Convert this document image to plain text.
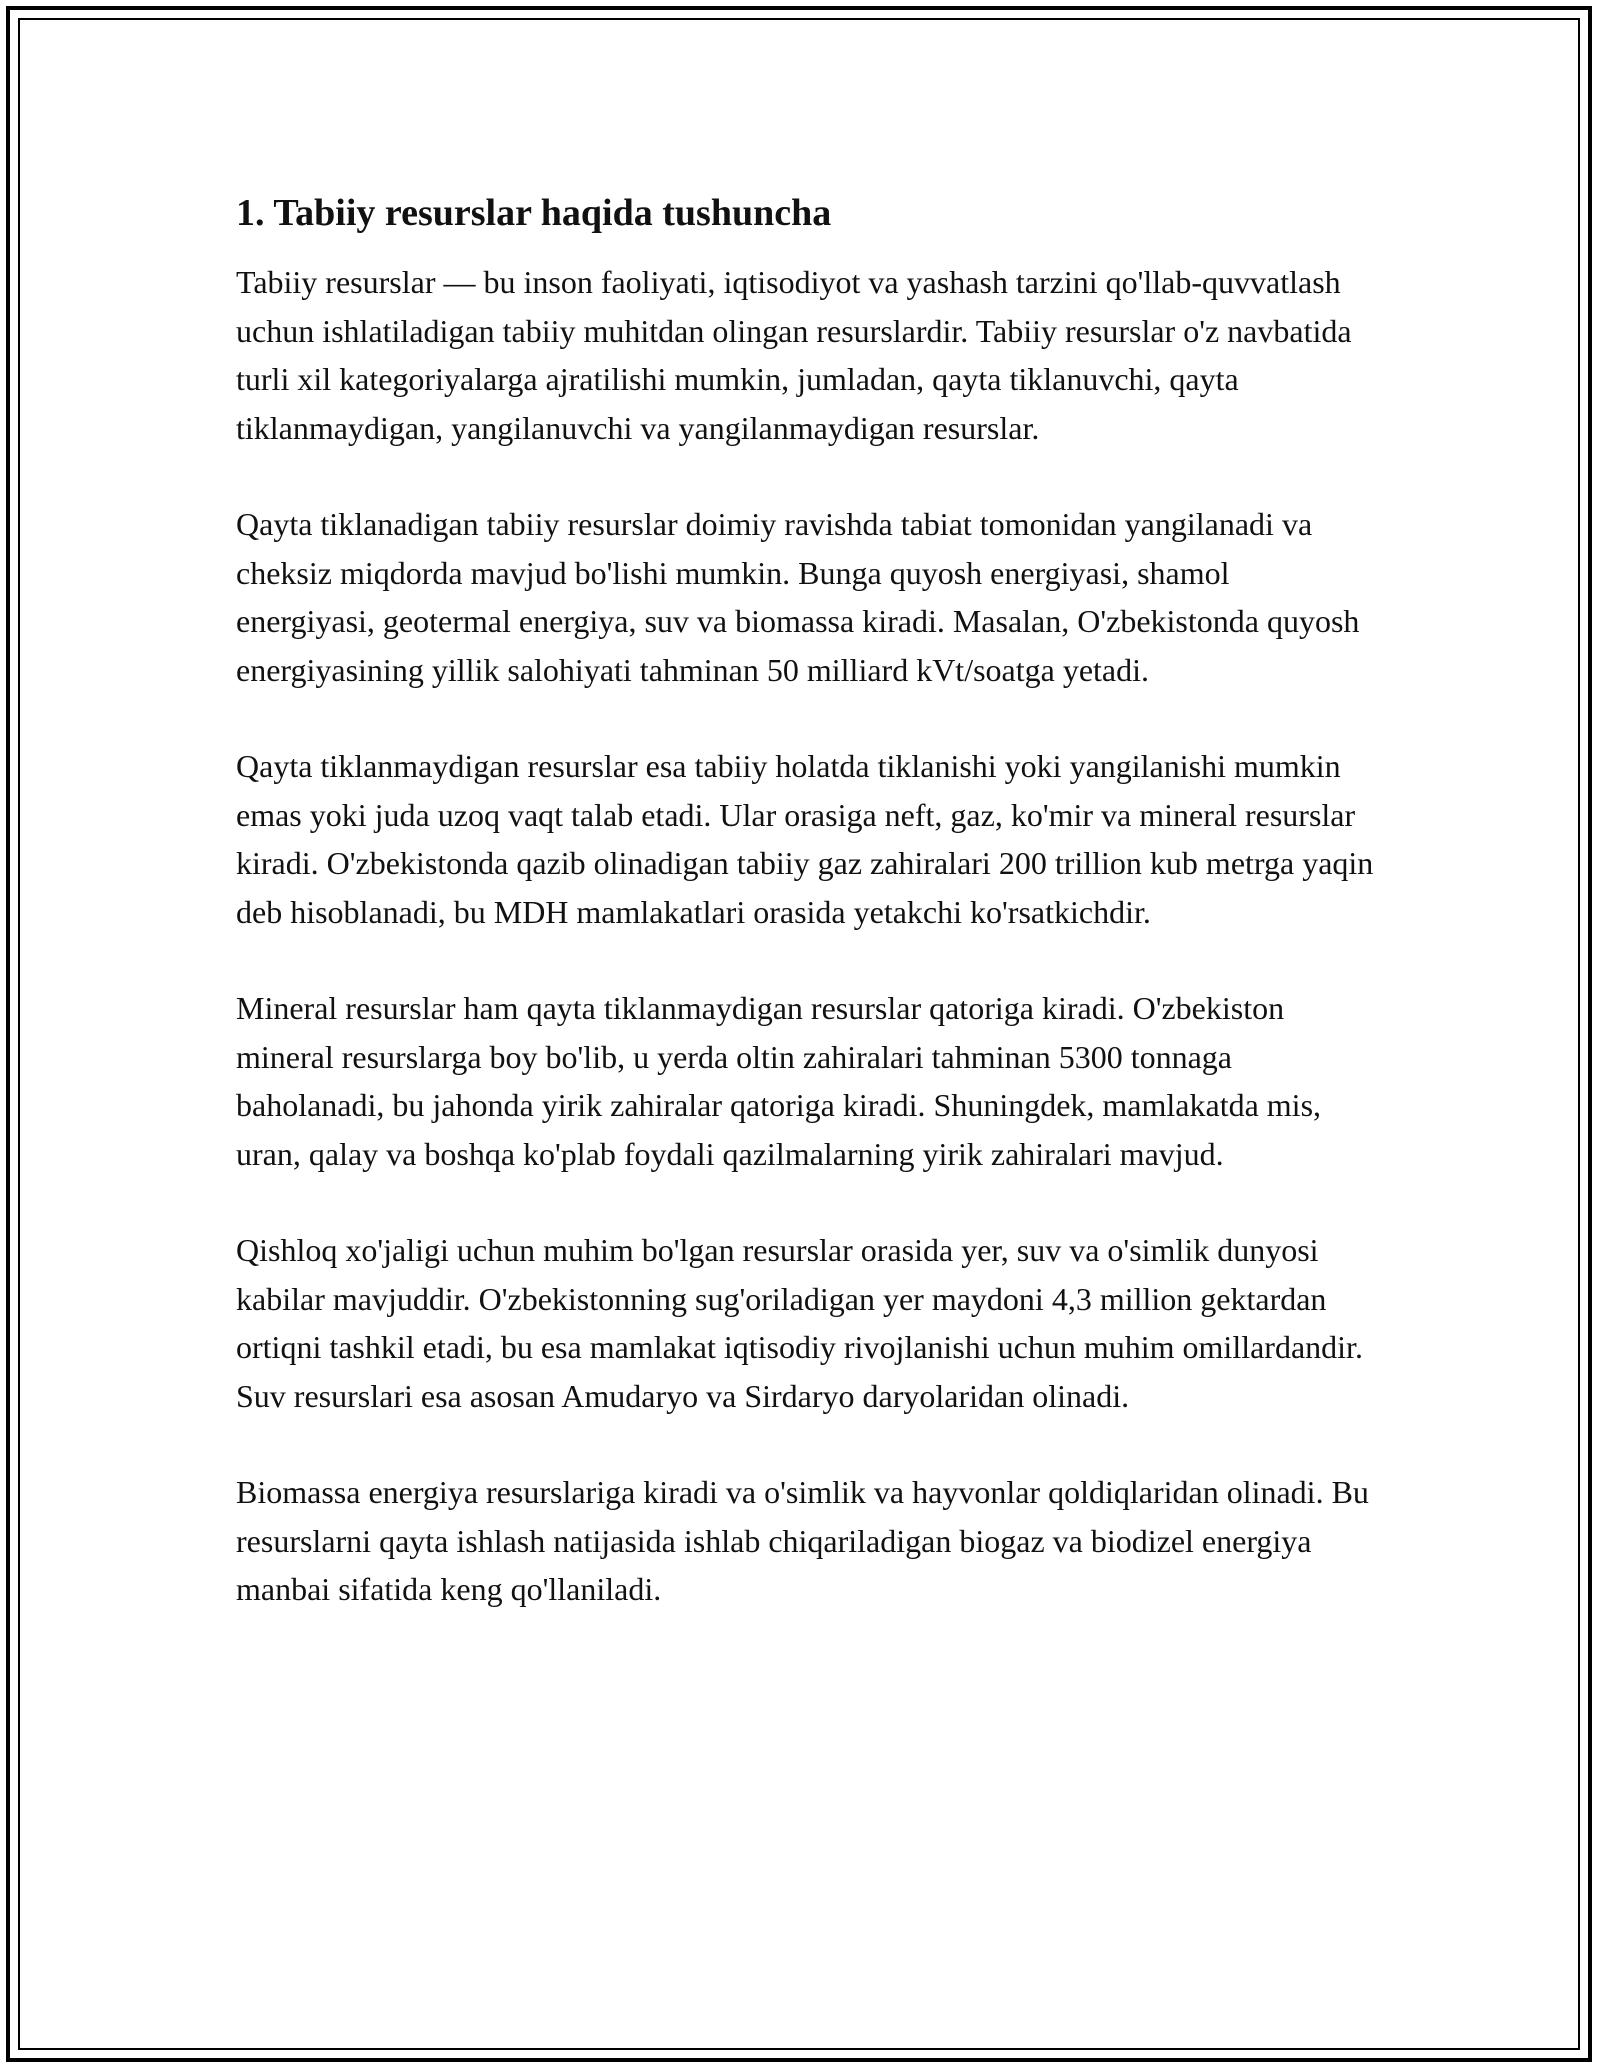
1. Tabiiy resurslar haqida tushuncha

Tabiiy resurslar — bu inson faoliyati, iqtisodiyot va yashash tarzini qo'llab-quvvatlash uchun ishlatiladigan tabiiy muhitdan olingan resurslardir. Tabiiy resurslar o'z navbatida turli xil kategoriyalarga ajratilishi mumkin, jumladan, qayta tiklanuvchi, qayta tiklanmaydigan, yangilanuvchi va yangilanmaydigan resurslar.

Qayta tiklanadigan tabiiy resurslar doimiy ravishda tabiat tomonidan yangilanadi va cheksiz miqdorda mavjud bo'lishi mumkin. Bunga quyosh energiyasi, shamol energiyasi, geotermal energiya, suv va biomassa kiradi. Masalan, O'zbekistonda quyosh energiyasining yillik salohiyati tahminan 50 milliard kVt/soatga yetadi.

Qayta tiklanmaydigan resurslar esa tabiiy holatda tiklanishi yoki yangilanishi mumkin emas yoki juda uzoq vaqt talab etadi. Ular orasiga neft, gaz, ko'mir va mineral resurslar kiradi. O'zbekistonda qazib olinadigan tabiiy gaz zahiralari 200 trillion kub metrga yaqin deb hisoblanadi, bu MDH mamlakatlari orasida yetakchi ko'rsatkichdir.

Mineral resurslar ham qayta tiklanmaydigan resurslar qatoriga kiradi. O'zbekiston mineral resurslarga boy bo'lib, u yerda oltin zahiralari tahminan 5300 tonnaga baholanadi, bu jahonda yirik zahiralar qatoriga kiradi. Shuningdek, mamlakatda mis, uran, qalay va boshqa ko'plab foydali qazilmalarning yirik zahiralari mavjud.

Qishloq xo'jaligi uchun muhim bo'lgan resurslar orasida yer, suv va o'simlik dunyosi kabilar mavjuddir. O'zbekistonning sug'oriladigan yer maydoni 4,3 million gektardan ortiqni tashkil etadi, bu esa mamlakat iqtisodiy rivojlanishi uchun muhim omillardandir. Suv resurslari esa asosan Amudaryo va Sirdaryo daryolaridan olinadi.

Biomassa energiya resurslariga kiradi va o'simlik va hayvonlar qoldiqlaridan olinadi. Bu resurslarni qayta ishlash natijasida ishlab chiqariladigan biogaz va biodizel energiya manbai sifatida keng qo'llaniladi.
